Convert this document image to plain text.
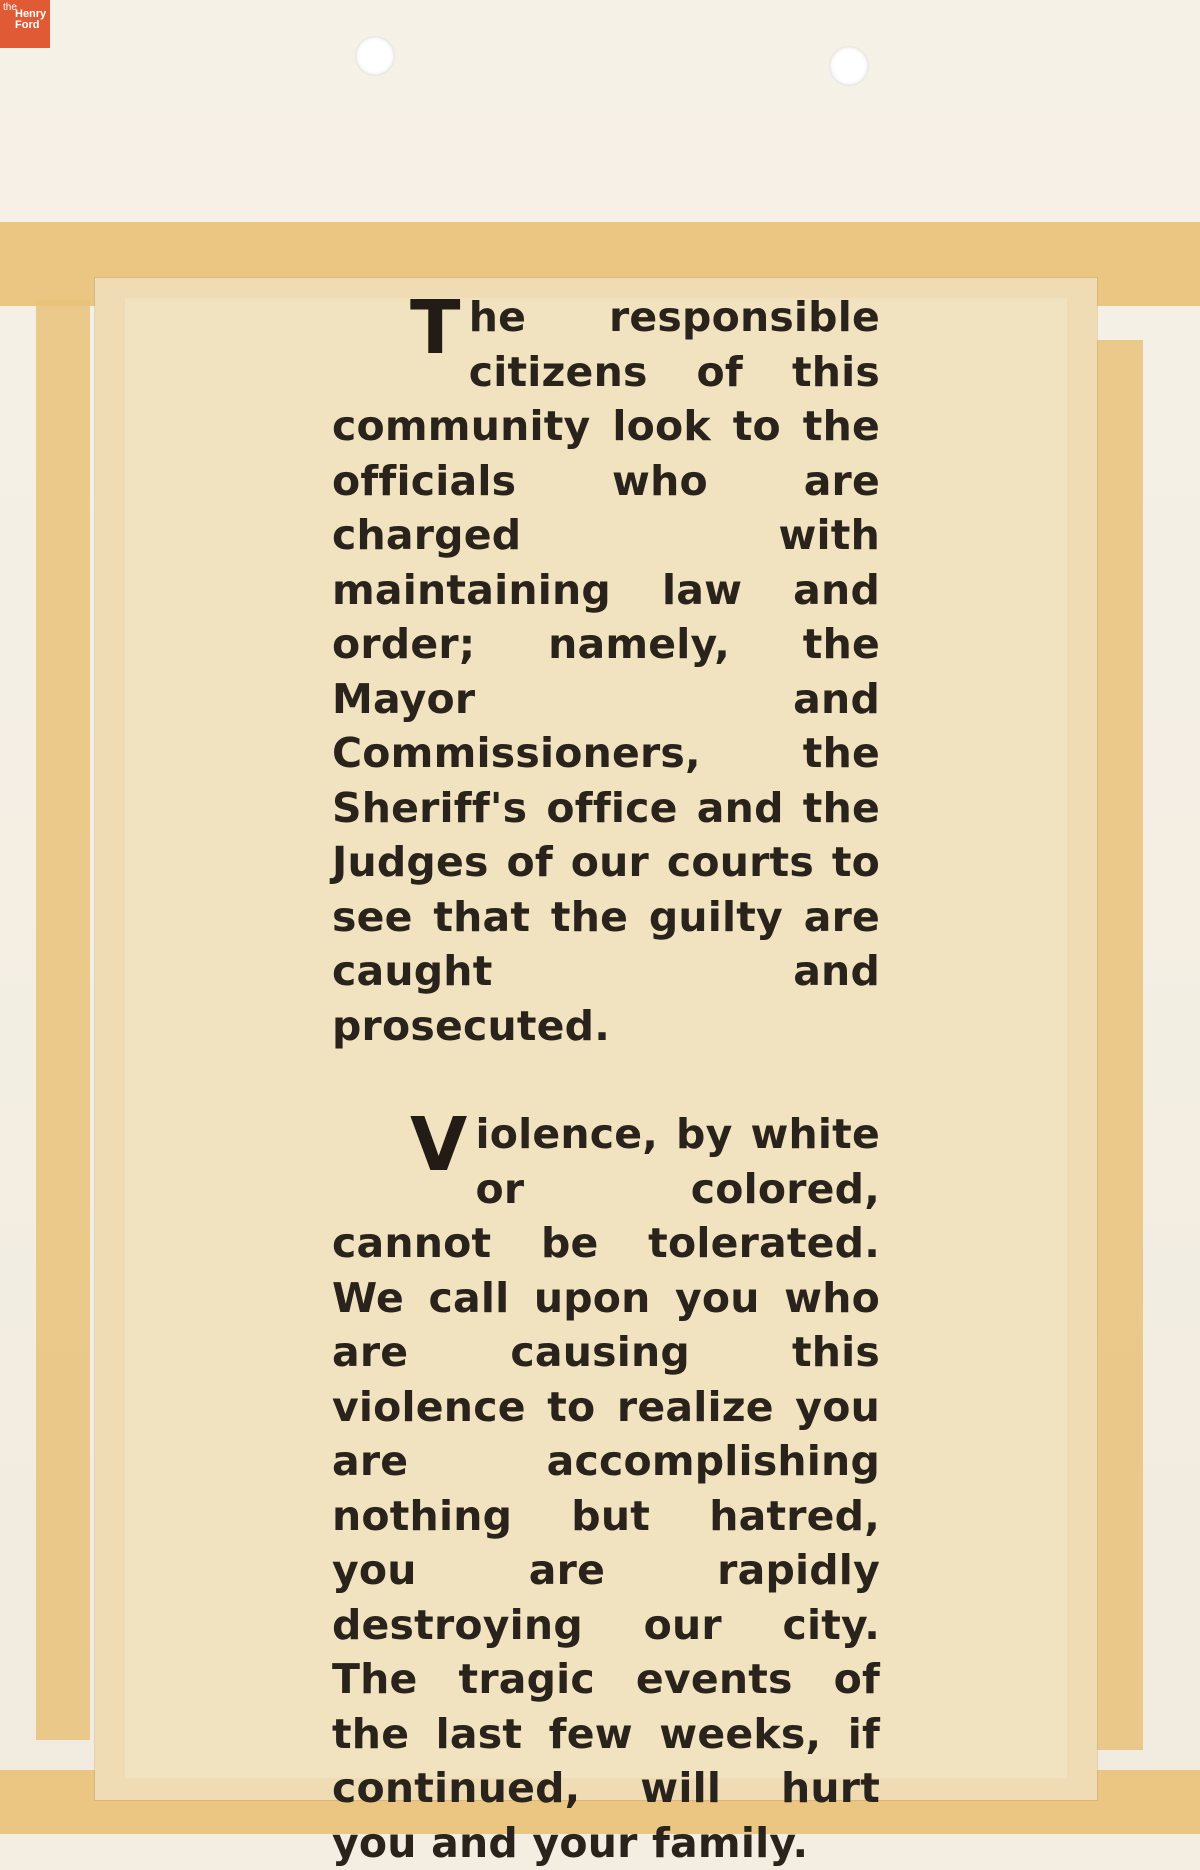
The responsible citizens of this community look to the officials who are charged with maintaining law and order; namely, the Mayor and Commissioners, the Sheriff's office and the Judges of our courts to see that the guilty are caught and prosecuted.

Violence, by white or colored, cannot be tolerated. We call upon you who are causing this violence to realize you are accomplishing nothing but hatred, you are rapidly destroying our city. The tragic events of the last few weeks, if continued, will hurt you and your family.

the
Henry
Ford
